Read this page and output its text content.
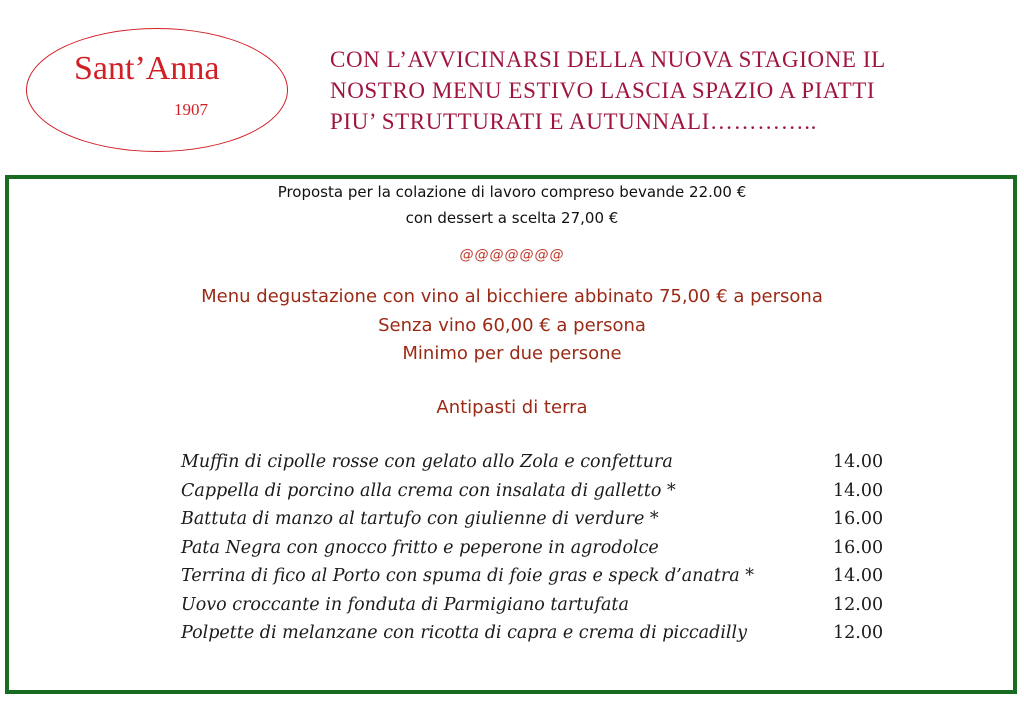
Sant’Anna
1907
CON L’AVVICINARSI DELLA NUOVA STAGIONE IL
NOSTRO MENU ESTIVO LASCIA SPAZIO A PIATTI
PIU’ STRUTTURATI E AUTUNNALI…………..
Proposta per la colazione di lavoro compreso bevande 22.00 €
con dessert a scelta 27,00 €
@@@@@@@
Menu degustazione con vino al bicchiere abbinato 75,00 € a persona
Senza vino 60,00 € a persona
Minimo per due persone
Antipasti di terra
Muffin di cipolle rosse con gelato allo Zola e confettura	14.00
Cappella di porcino alla crema con insalata di galletto *	14.00
Battuta di manzo al tartufo con giulienne di verdure *	16.00
Pata Negra con gnocco fritto e peperone in agrodolce	16.00
Terrina di fico al Porto con spuma di foie gras e speck d’anatra *	14.00
Uovo croccante in fonduta di Parmigiano tartufata	12.00
Polpette di melanzane con ricotta di capra e crema di piccadilly	12.00
